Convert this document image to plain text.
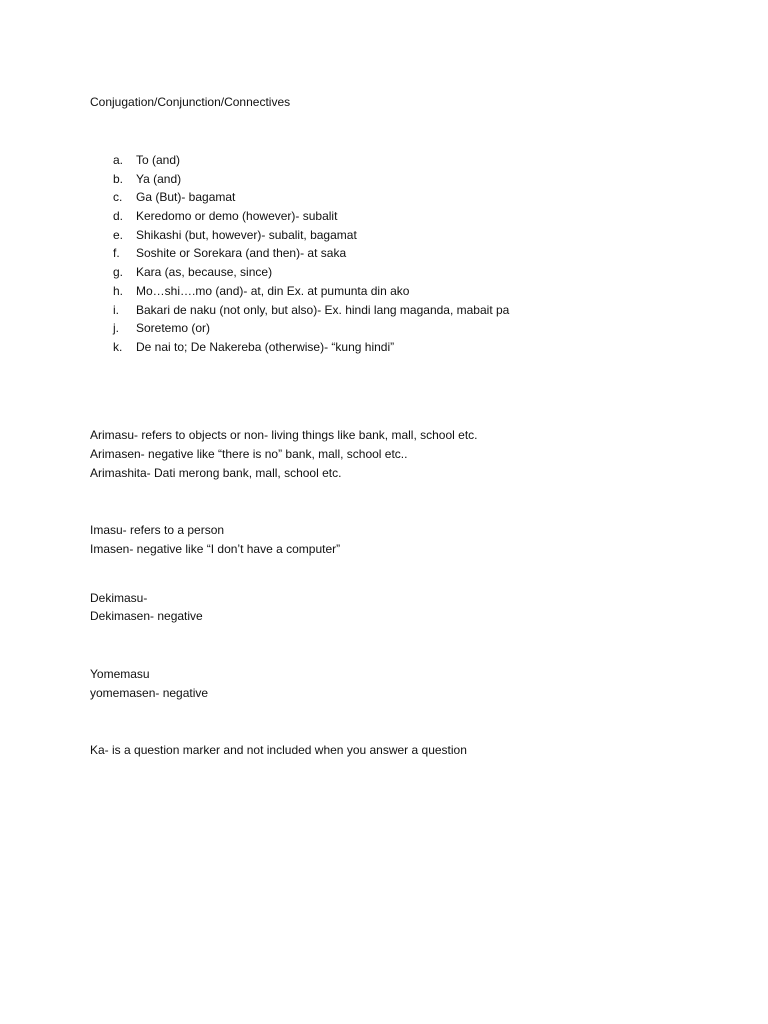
Conjugation/Conjunction/Connectives
a. To (and)
b. Ya (and)
c. Ga (But)- bagamat
d. Keredomo or demo (however)- subalit
e. Shikashi (but, however)- subalit, bagamat
f. Soshite or Sorekara (and then)- at saka
g. Kara (as, because, since)
h. Mo…shi….mo (and)- at, din Ex. at pumunta din ako
i. Bakari de naku (not only, but also)- Ex. hindi lang maganda, mabait pa
j. Soretemo (or)
k. De nai to; De Nakereba (otherwise)- “kung hindi”
Arimasu- refers to objects or non- living things like bank, mall, school etc.
Arimasen- negative like “there is no” bank, mall, school etc..
Arimashita- Dati merong bank, mall, school etc.
Imasu- refers to a person
Imasen- negative like “I don’t have a computer”
Dekimasu-
Dekimasen- negative
Yomemasu
yomemasen- negative
Ka- is a question marker and not included when you answer a question
